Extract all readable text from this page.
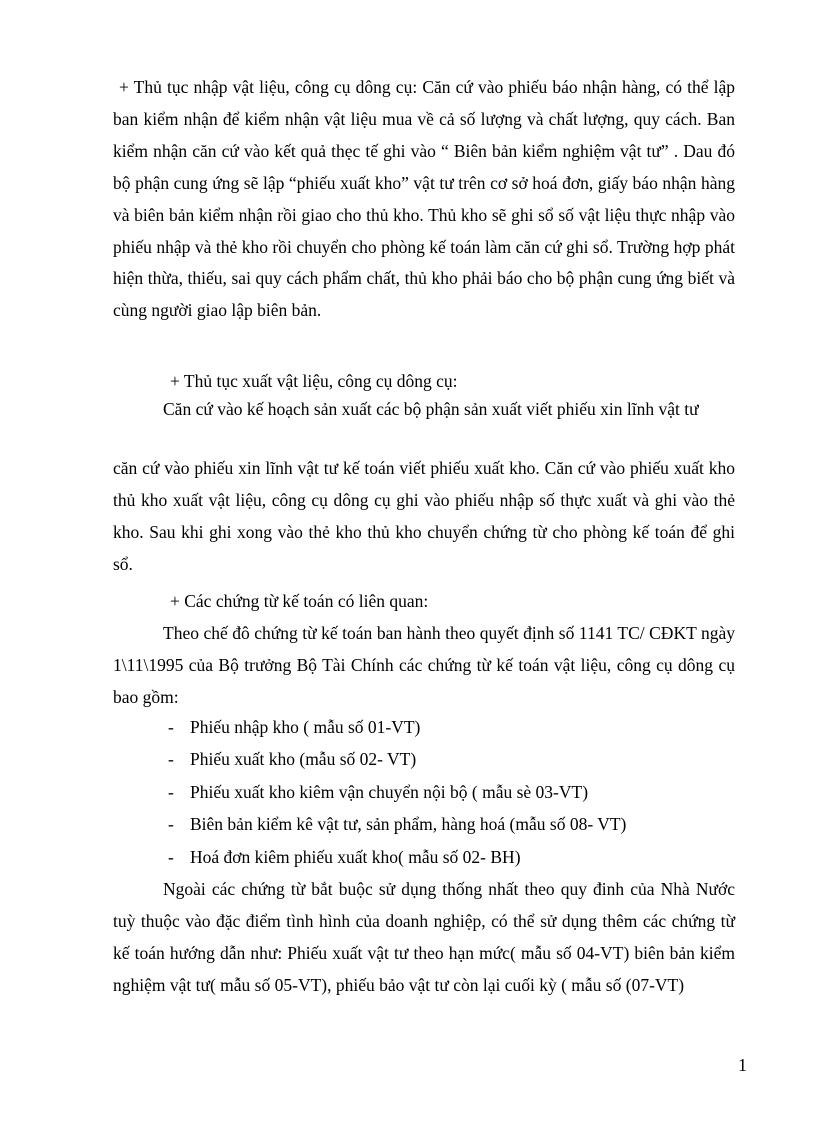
+ Thủ tục nhập vật liệu, công cụ dông cụ: Căn cứ vào phiếu báo nhận hàng, có thể lập ban kiểm nhận để kiểm nhận vật liệu mua về cả số lượng và chất lượng, quy cách. Ban kiểm nhận căn cứ vào kết quả thẹc tế ghi vào “ Biên bản kiểm nghiệm vật tư” . Dau đó bộ phận cung ứng sẽ lập “phiếu xuất kho” vật tư trên cơ sở hoá đơn, giấy báo nhận hàng và biên bản kiểm nhận rồi giao cho thủ kho. Thủ kho sẽ ghi sổ số vật liệu thực nhập vào phiếu nhập và thẻ kho rồi chuyển cho phòng kế toán làm căn cứ ghi sổ. Trường hợp phát hiện thừa, thiếu, sai quy cách phẩm chất, thủ kho phải báo cho bộ phận cung ứng biết và cùng người giao lập biên bản.

+ Thủ tục xuất vật liệu, công cụ dông cụ:

Căn cứ vào kế hoạch sản xuất các bộ phận sản xuất viết phiếu xin lĩnh vật tư

căn cứ vào phiếu xin lĩnh vật tư kế toán viết phiếu xuất kho. Căn cứ vào phiếu xuất kho thủ kho xuất vật liệu, công cụ dông cụ ghi vào phiếu nhập số thực xuất và ghi vào thẻ kho. Sau khi ghi xong vào thẻ kho thủ kho chuyển chứng từ cho phòng kế toán để ghi sổ.

+ Các chứng từ kế toán có liên quan:

Theo chế đô chứng từ kế toán ban hành theo quyết định số 1141 TC/ CĐKT ngày 1\11\1995 của Bộ trưởng Bộ Tài Chính các chứng từ kế toán vật liệu, công cụ dông cụ bao gồm:

- Phiếu nhập kho ( mẫu số 01-VT)
- Phiếu xuất kho (mẫu số 02- VT)
- Phiếu xuất kho kiêm vận chuyển nội bộ ( mẫu sè 03-VT)
- Biên bản kiểm kê vật tư, sản phẩm, hàng hoá (mẫu số 08- VT)
- Hoá đơn kiêm phiếu xuất kho( mẫu số 02- BH)

Ngoài các chứng từ bắt buộc sử dụng thống nhất theo quy đinh của Nhà Nước tuỳ thuộc vào đặc điểm tình hình của doanh nghiệp, có thể sử dụng thêm các chứng từ kế toán hướng dẫn như: Phiếu xuất vật tư theo hạn mức( mẫu số 04-VT) biên bản kiểm nghiệm vật tư( mẫu số 05-VT), phiếu bảo vật tư còn lại cuối kỳ ( mẫu số (07-VT)

1
